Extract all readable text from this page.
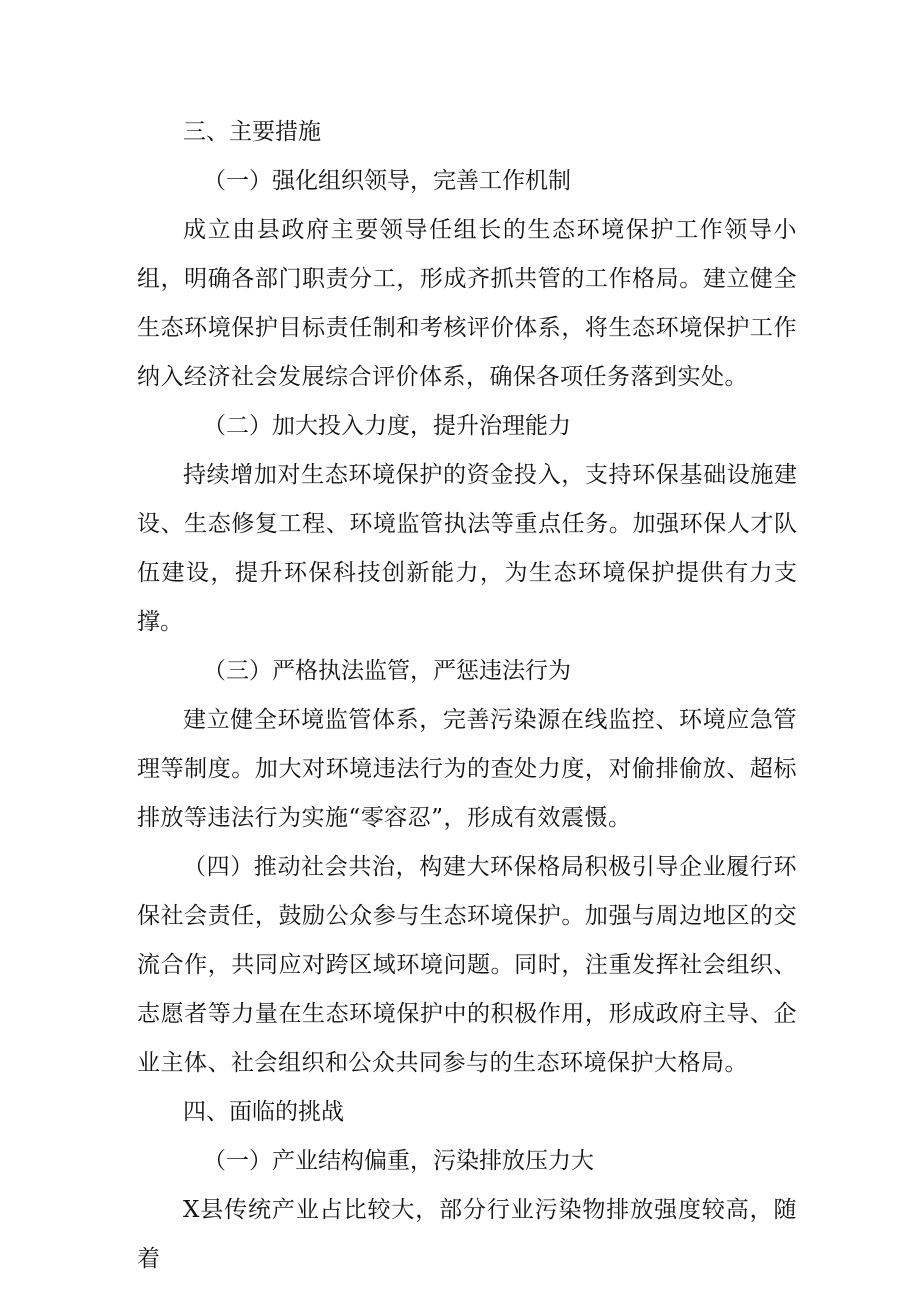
三、主要措施
（一）强化组织领导，完善工作机制

成立由县政府主要领导任组长的生态环境保护工作领导小组，明确各部门职责分工，形成齐抓共管的工作格局。建立健全生态环境保护目标责任制和考核评价体系，将生态环境保护工作纳入经济社会发展综合评价体系，确保各项任务落到实处。

（二）加大投入力度，提升治理能力

持续增加对生态环境保护的资金投入，支持环保基础设施建设、生态修复工程、环境监管执法等重点任务。加强环保人才队伍建设，提升环保科技创新能力，为生态环境保护提供有力支撑。

（三）严格执法监管，严惩违法行为

建立健全环境监管体系，完善污染源在线监控、环境应急管理等制度。加大对环境违法行为的查处力度，对偷排偷放、超标排放等违法行为实施“零容忍”，形成有效震慑。

（四）推动社会共治，构建大环保格局积极引导企业履行环保社会责任，鼓励公众参与生态环境保护。加强与周边地区的交流合作，共同应对跨区域环境问题。同时，注重发挥社会组织、志愿者等力量在生态环境保护中的积极作用，形成政府主导、企业主体、社会组织和公众共同参与的生态环境保护大格局。

四、面临的挑战
（一）产业结构偏重，污染排放压力大

X县传统产业占比较大，部分行业污染物排放强度较高，随着
